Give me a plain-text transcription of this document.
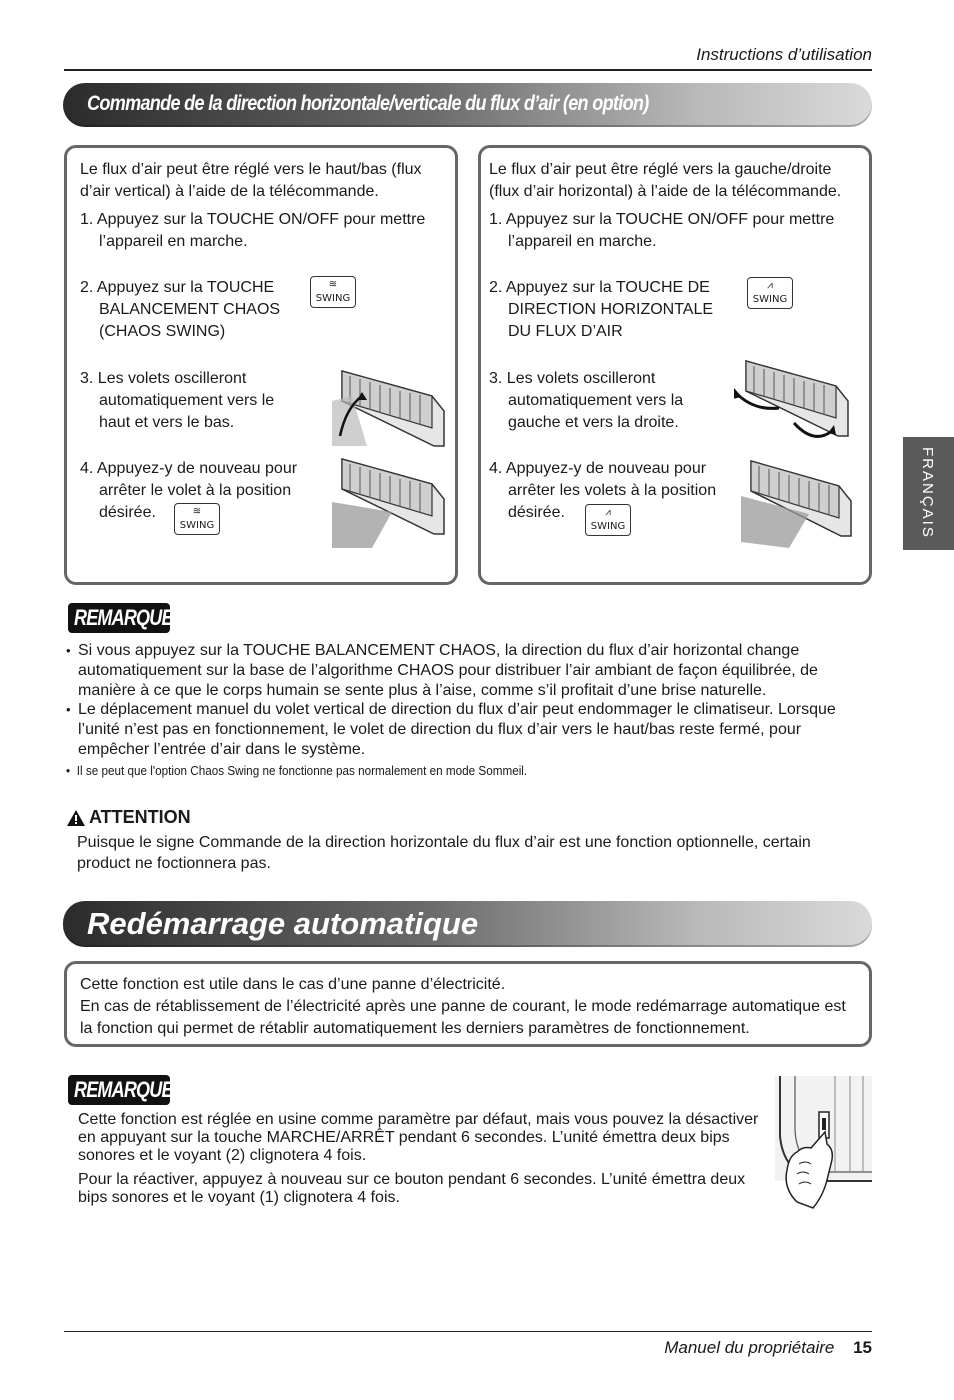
Instructions d’utilisation
Commande de la direction horizontale/verticale du flux d’air (en option)
Le flux d’air peut être réglé vers le haut/bas (flux
d’air vertical) à l’aide de la télécommande.
1. Appuyez sur la TOUCHE ON/OFF pour mettre
l’appareil en marche.
2. Appuyez sur la TOUCHE
BALANCEMENT CHAOS
(CHAOS SWING)
≋
SWING
3. Les volets oscilleront
automatiquement vers le
haut et vers le bas.
4. Appuyez-y de nouveau pour
arrêter le volet à la position
désirée.	≋
SWING
Le flux d’air peut être réglé vers la gauche/droite
(flux d’air horizontal) à l’aide de la télécommande.
1. Appuyez sur la TOUCHE ON/OFF pour mettre
l’appareil en marche.
2. Appuyez sur la TOUCHE DE
DIRECTION HORIZONTALE
DU FLUX D’AIR
⩘
SWING
3. Les volets oscilleront
automatiquement vers la
gauche et vers la droite.
4. Appuyez-y de nouveau pour
arrêter les volets à la position
désirée.	⩘
SWING
REMARQUE
• Si vous appuyez sur la TOUCHE BALANCEMENT CHAOS, la direction du flux d’air horizontal change automatiquement sur la base de l’algorithme CHAOS pour distribuer l’air ambiant de façon équilibrée, de manière à ce que le corps humain se sente plus à l’aise, comme s’il profitait d’une brise naturelle.
• Le déplacement manuel du volet vertical de direction du flux d’air peut endommager le climatiseur. Lorsque l’unité n’est pas en fonctionnement, le volet de direction du flux d’air vers le haut/bas reste fermé, pour empêcher l’entrée d’air dans le système.
• Il se peut que l'option Chaos Swing ne fonctionne pas normalement en mode Sommeil.
ATTENTION
Puisque le signe Commande de la direction horizontale du flux d’air est une fonction optionnelle, certain product ne foctionnera pas.
Redémarrage automatique
Cette fonction est utile dans le cas d’une panne d’électricité.
En cas de rétablissement de l’électricité après une panne de courant, le mode redémarrage automatique est la fonction qui permet de rétablir automatiquement les derniers paramètres de fonctionnement.
REMARQUE
Cette fonction est réglée en usine comme paramètre par défaut, mais vous pouvez la désactiver en appuyant sur la touche MARCHE/ARRÊT pendant 6 secondes. L’unité émettra deux bips sonores et le voyant (2) clignotera 4 fois.
Pour la réactiver, appuyez à nouveau sur ce bouton pendant 6 secondes. L’unité émettra deux bips sonores et le voyant (1) clignotera 4 fois.
FRANÇAIS
Manuel du propriétaire 15
